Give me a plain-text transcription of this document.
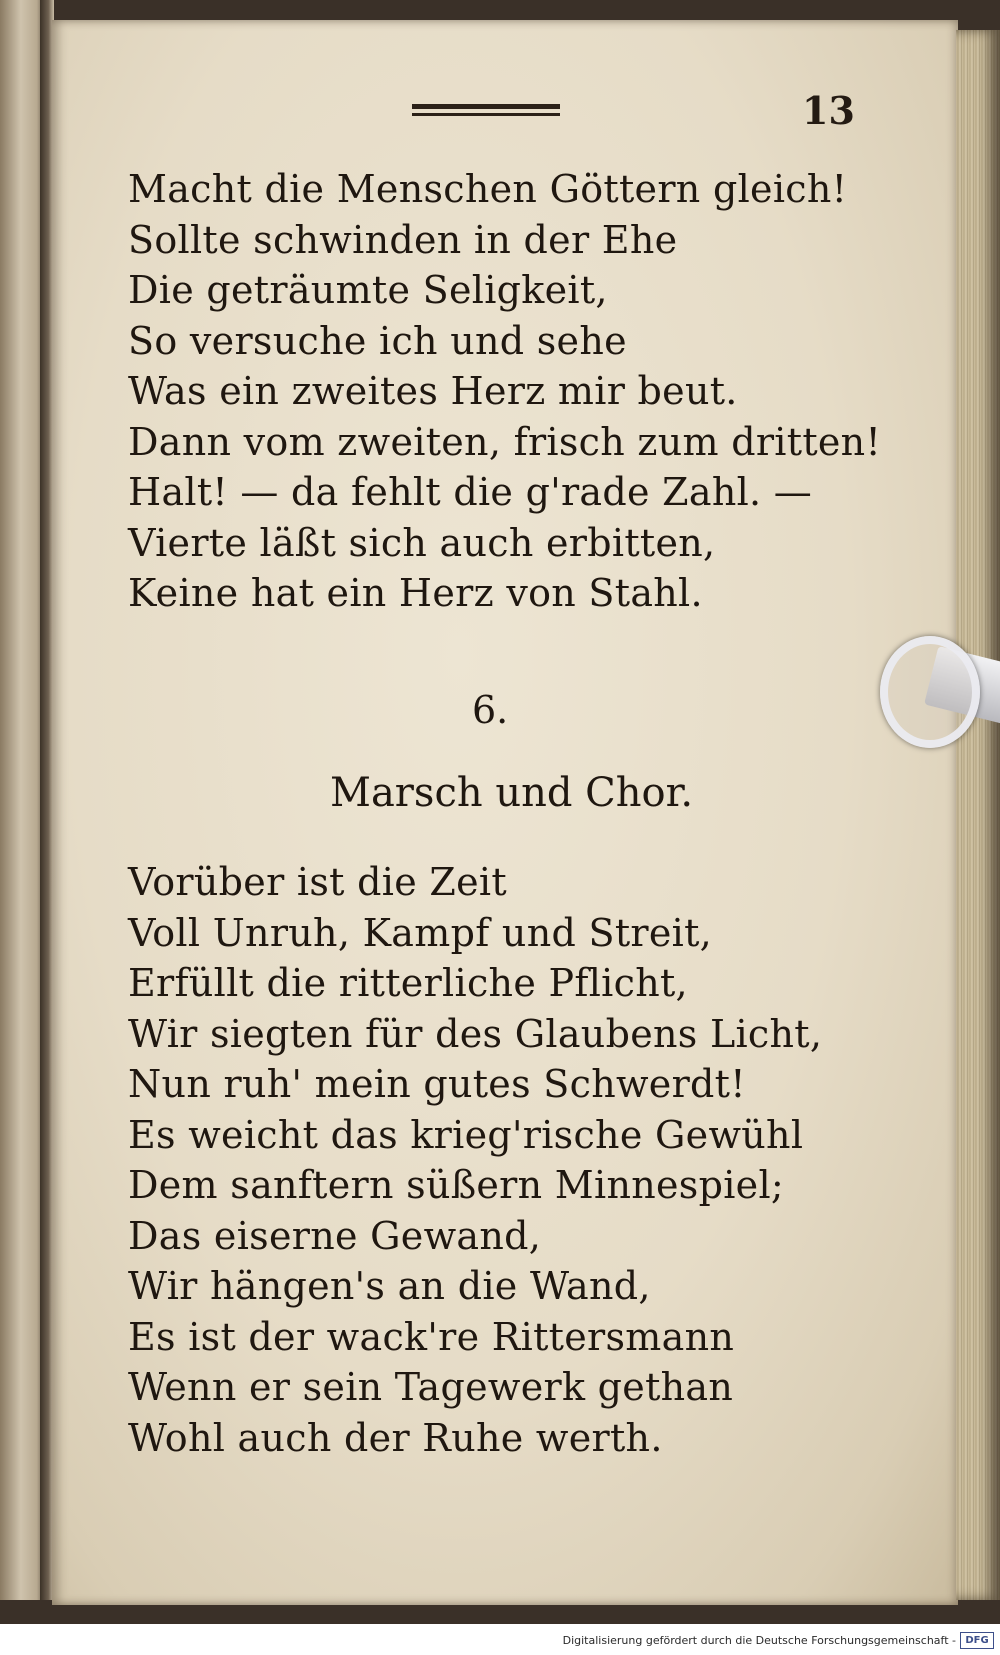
13
Macht die Menschen Göttern gleich!
Sollte schwinden in der Ehe
Die geträumte Seligkeit,
So versuche ich und sehe
Was ein zweites Herz mir beut.
Dann vom zweiten, frisch zum dritten!
Halt! — da fehlt die g'rade Zahl. —
Vierte läßt sich auch erbitten,
Keine hat ein Herz von Stahl.
6.
Marsch und Chor.
Vorüber ist die Zeit
Voll Unruh, Kampf und Streit,
Erfüllt die ritterliche Pflicht,
Wir siegten für des Glaubens Licht,
Nun ruh' mein gutes Schwerdt!
Es weicht das krieg'rische Gewühl
Dem sanftern süßern Minnespiel;
Das eiserne Gewand,
Wir hängen's an die Wand,
Es ist der wack're Rittersmann
Wenn er sein Tagewerk gethan
Wohl auch der Ruhe werth.
Digitalisierung gefördert durch die Deutsche Forschungsgemeinschaft - DFG
